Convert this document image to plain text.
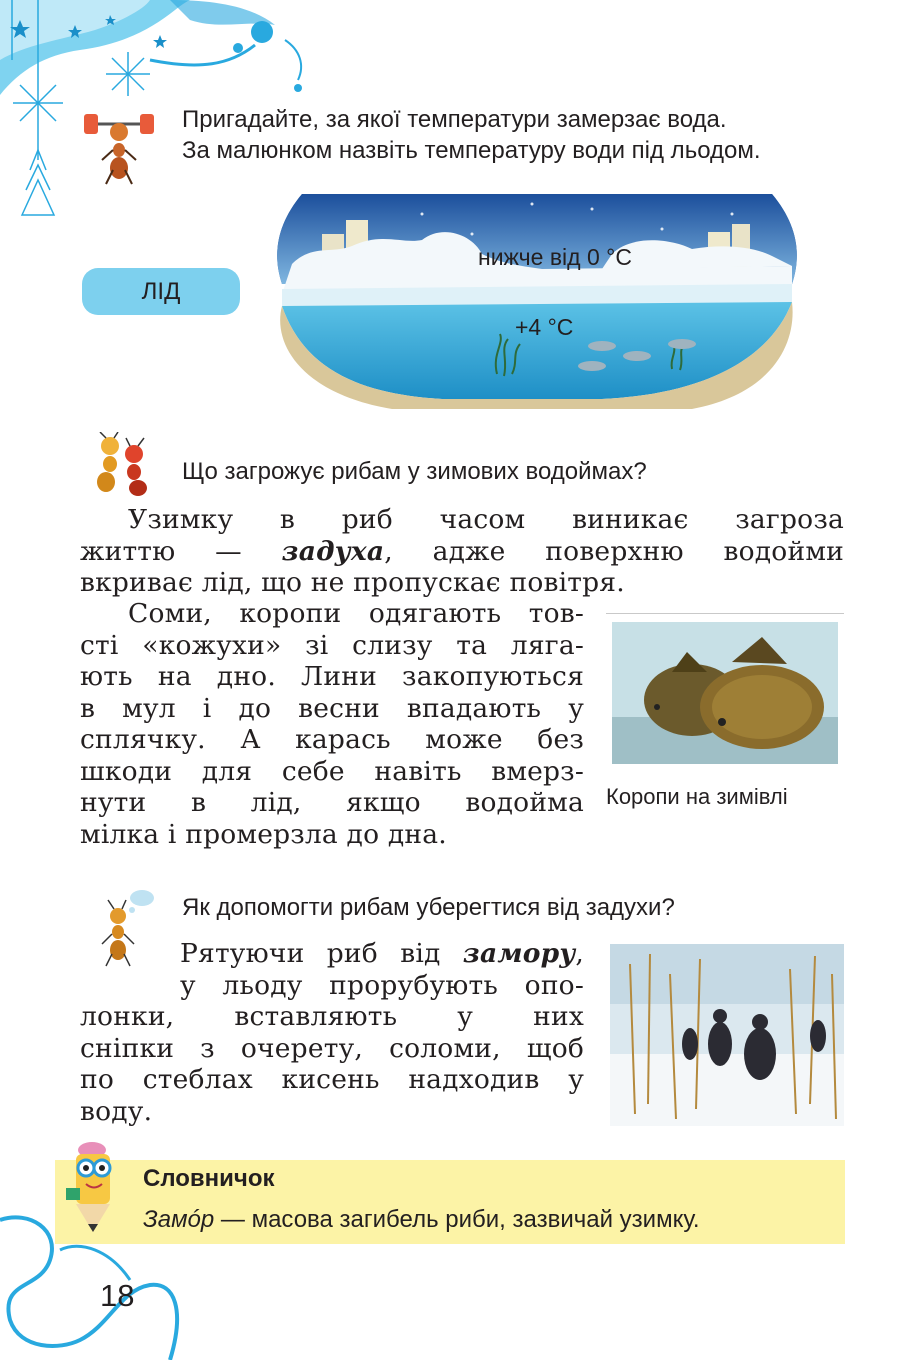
Пригадайте, за якої температури замерзає вода.
За малюнком назвіть температуру води під льодом.
ЛІД
нижче від 0 °С
+4 °С
Що загрожує рибам у зимових водоймах?
Узимку в риб часом виникає загроза
життю — задуха, адже поверхню водойми
вкриває лід, що не пропускає повітря.
Соми, коропи одягають тов-
сті «кожухи» зі слизу та ляга-
ють на дно. Лини закопуються
в мул і до весни впадають у
сплячку. А карась може без
шкоди для себе навіть вмерз-
нути в лід, якщо водойма
мілка і промерзла до дна.
Коропи на зимівлі
Як допомогти рибам уберегтися від задухи?
Рятуючи риб від замору,
у льоду прорубують опо-
лонки, вставляють у них
сніпки з очерету, соломи, щоб
по стеблах кисень надходив у
воду.
Словничок
Замóр — масова загибель риби, зазвичай узимку.
18
